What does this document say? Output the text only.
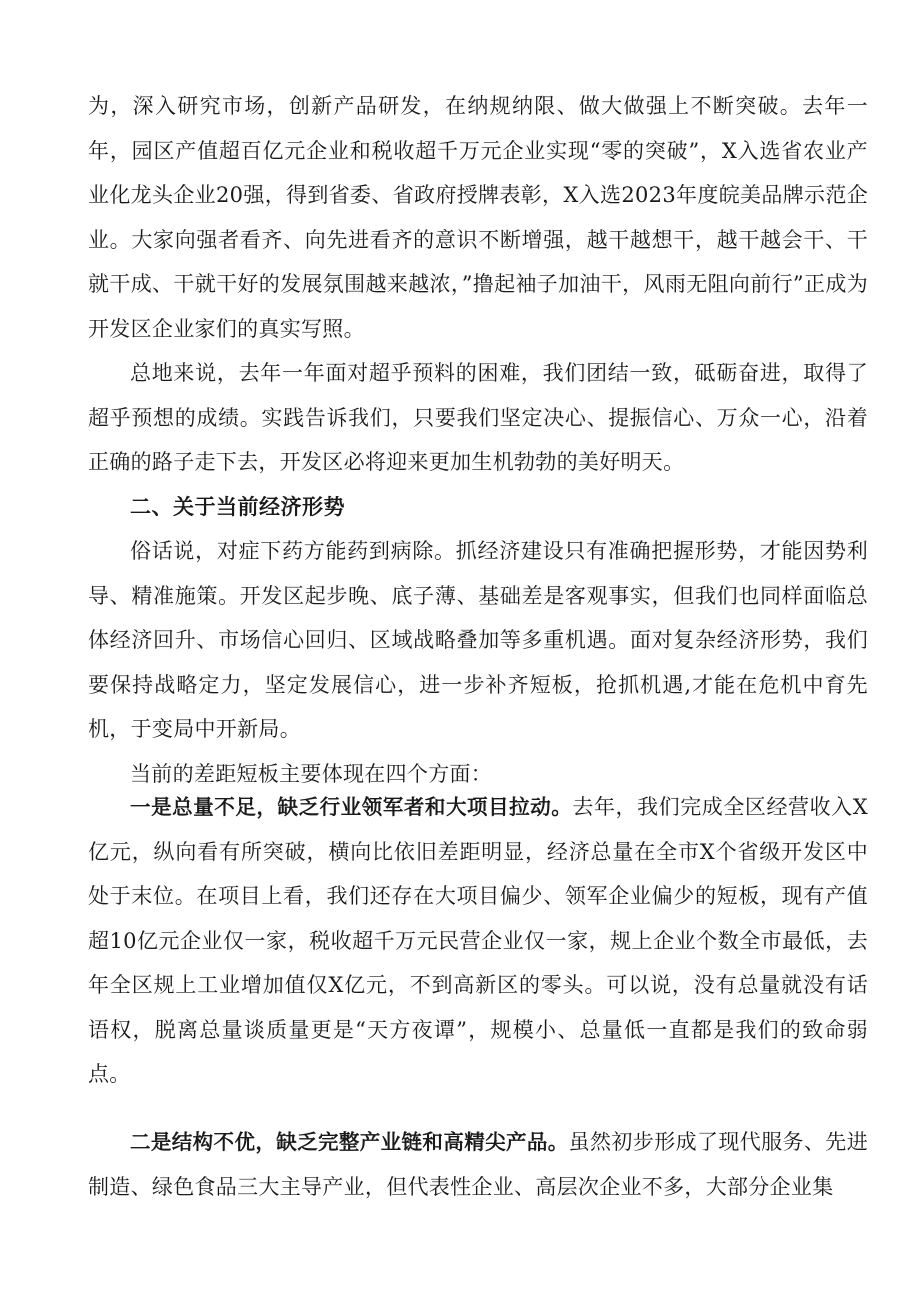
为，深入研究市场，创新产品研发，在纳规纳限、做大做强上不断突破。去年一年，园区产值超百亿元企业和税收超千万元企业实现“零的突破”，X入选省农业产业化龙头企业20强，得到省委、省政府授牌表彰，X入选2023年度皖美品牌示范企业。大家向强者看齐、向先进看齐的意识不断增强，越干越想干，越干越会干、干就干成、干就干好的发展氛围越来越浓，”撸起袖子加油干，风雨无阻向前行”正成为开发区企业家们的真实写照。

总地来说，去年一年面对超乎预料的困难，我们团结一致，砥砺奋进，取得了超乎预想的成绩。实践告诉我们，只要我们坚定决心、提振信心、万众一心，沿着正确的路子走下去，开发区必将迎来更加生机勃勃的美好明天。

二、关于当前经济形势

俗话说，对症下药方能药到病除。抓经济建设只有准确把握形势，才能因势利导、精准施策。开发区起步晚、底子薄、基础差是客观事实，但我们也同样面临总体经济回升、市场信心回归、区域战略叠加等多重机遇。面对复杂经济形势，我们要保持战略定力，坚定发展信心，进一步补齐短板，抢抓机遇,才能在危机中育先机，于变局中开新局。

当前的差距短板主要体现在四个方面：

一是总量不足，缺乏行业领军者和大项目拉动。去年，我们完成全区经营收入X亿元，纵向看有所突破，横向比依旧差距明显，经济总量在全市X个省级开发区中处于末位。在项目上看，我们还存在大项目偏少、领军企业偏少的短板，现有产值超10亿元企业仅一家，税收超千万元民营企业仅一家，规上企业个数全市最低，去年全区规上工业增加值仅X亿元，不到高新区的零头。可以说，没有总量就没有话语权，脱离总量谈质量更是“天方夜谭”，规模小、总量低一直都是我们的致命弱点。

二是结构不优，缺乏完整产业链和高精尖产品。虽然初步形成了现代服务、先进制造、绿色食品三大主导产业，但代表性企业、高层次企业不多，大部分企业集
